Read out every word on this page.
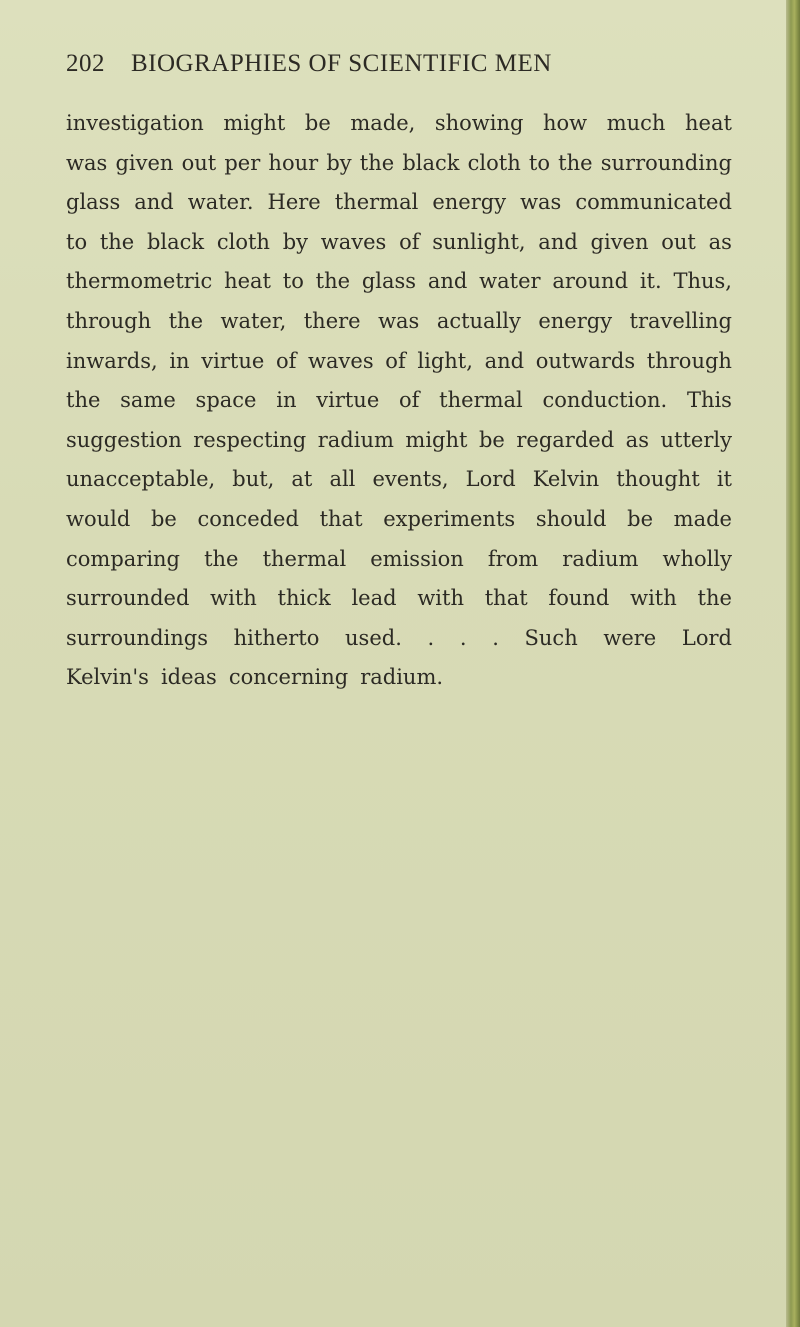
202 BIOGRAPHIES OF SCIENTIFIC MEN
investigation might be made, showing how much heat
was given out per hour by the black cloth to the surrounding
glass and water. Here thermal energy was communicated
to the black cloth by waves of sunlight, and given out as
thermometric heat to the glass and water around it. Thus,
through the water, there was actually energy travelling
inwards, in virtue of waves of light, and outwards through
the same space in virtue of thermal conduction. This
suggestion respecting radium might be regarded as utterly
unacceptable, but, at all events, Lord Kelvin thought it
would be conceded that experiments should be made
comparing the thermal emission from radium wholly
surrounded with thick lead with that found with the
surroundings hitherto used. . . . Such were Lord
Kelvin's ideas concerning radium.
